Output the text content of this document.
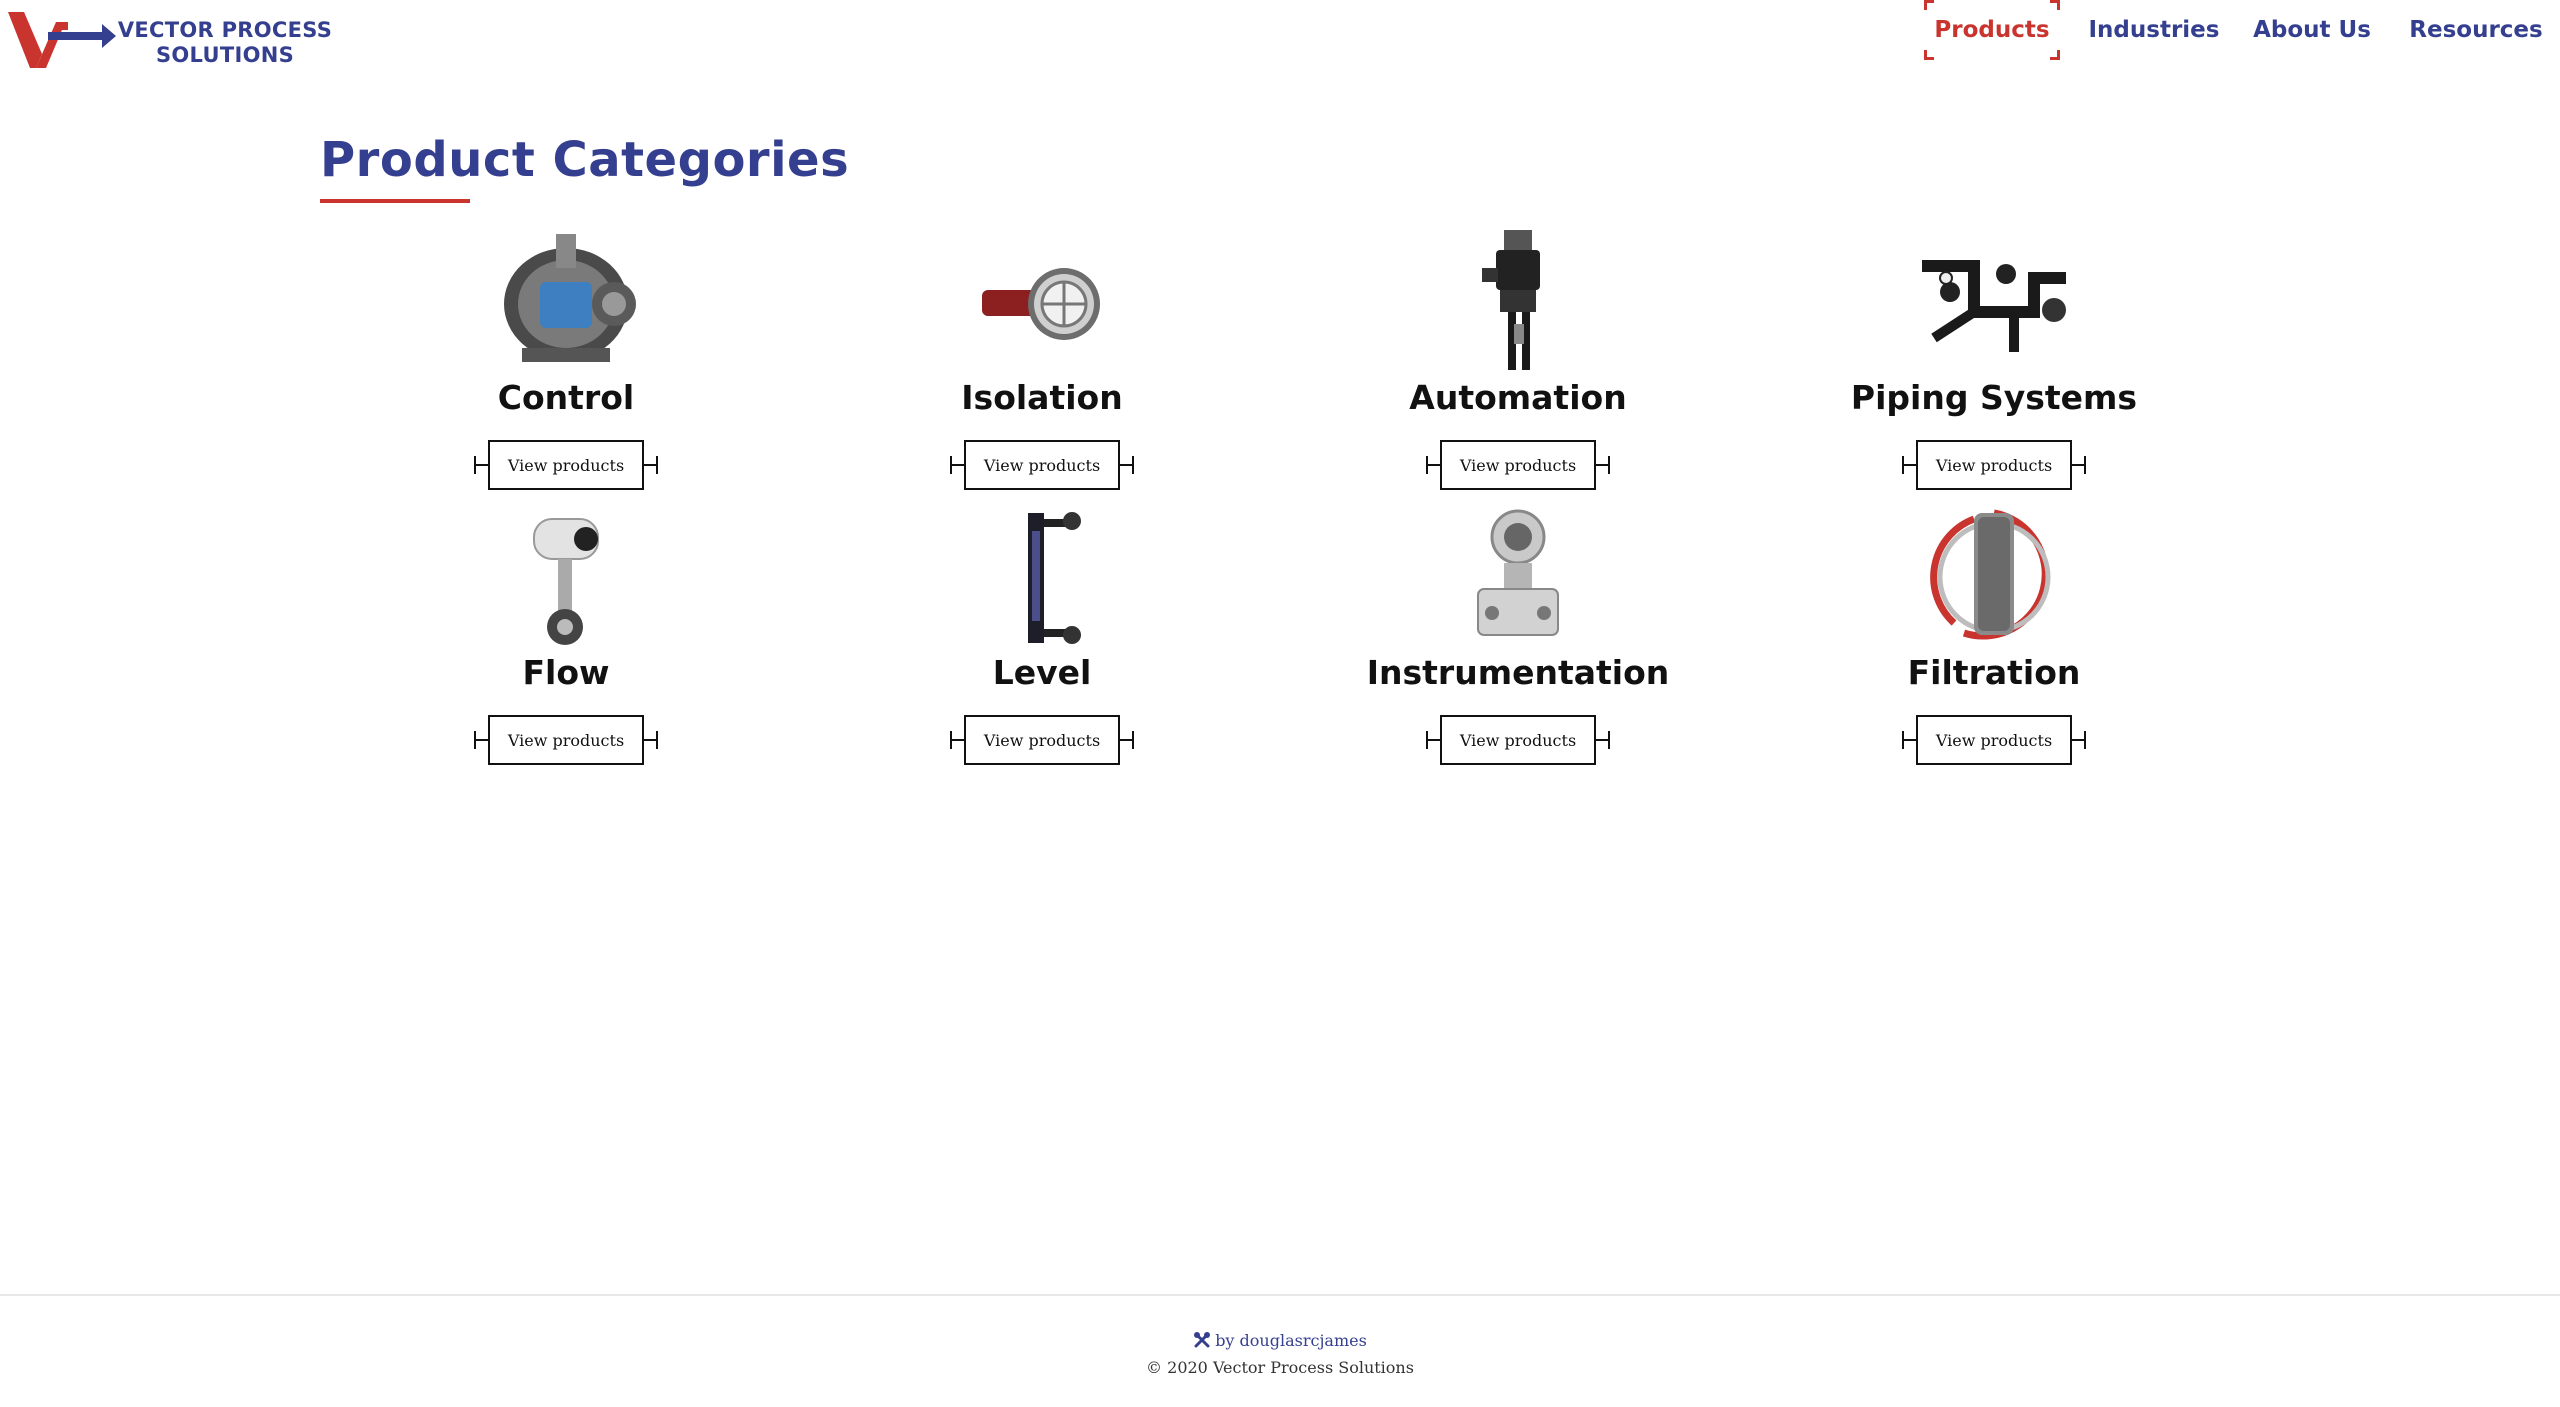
VECTOR PROCESS
SOLUTIONS
Products	Industries About Us Resources
Product Categories
Control
View products
Isolation
View products
Automation
View products
Piping Systems
View products
Flow
View products
Level
View products
Instrumentation
View products
Filtration
View products
by douglasrcjames
© 2020 Vector Process Solutions
